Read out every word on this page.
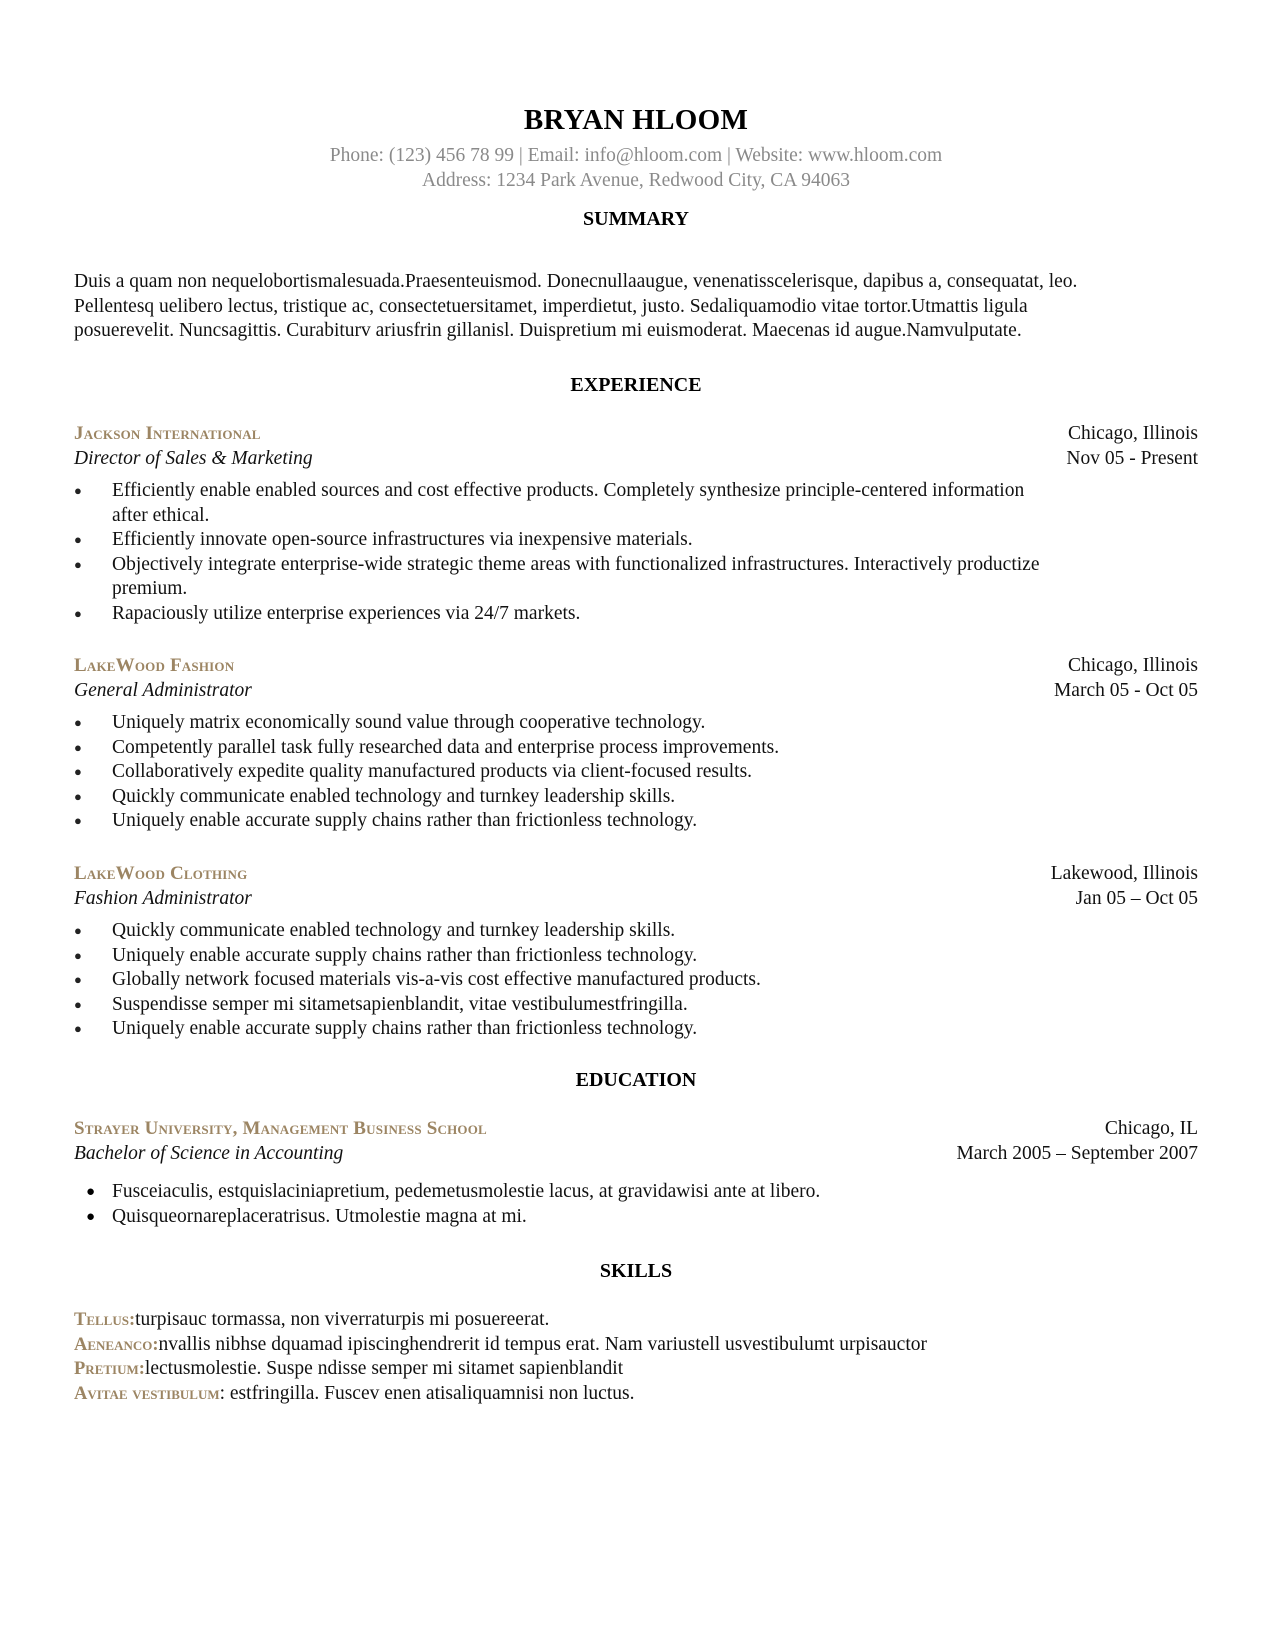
BRYAN HLOOM
Phone: (123) 456 78 99 | Email: info@hloom.com | Website: www.hloom.com
Address: 1234 Park Avenue, Redwood City, CA 94063
SUMMARY
Duis a quam non nequelobortismalesuada.Praesenteuismod. Donecnullaaugue, venenatisscelerisque, dapibus a, consequatat, leo.
Pellentesq uelibero lectus, tristique ac, consectetuersitamet, imperdietut, justo. Sedaliquamodio vitae tortor.Utmattis ligula
posuerevelit. Nuncsagittis. Curabiturv ariusfrin gillanisl. Duispretium mi euismoderat. Maecenas id augue.Namvulputate.
EXPERIENCE
Jackson International	Chicago, Illinois
Director of Sales & Marketing	Nov 05 - Present
● Efficiently enable enabled sources and cost effective products. Completely synthesize principle-centered information
after ethical.
● Efficiently innovate open-source infrastructures via inexpensive materials.
● Objectively integrate enterprise-wide strategic theme areas with functionalized infrastructures. Interactively productize
premium.
● Rapaciously utilize enterprise experiences via 24/7 markets.
LakeWood Fashion	Chicago, Illinois
General Administrator	March 05 - Oct 05
● Uniquely matrix economically sound value through cooperative technology.
● Competently parallel task fully researched data and enterprise process improvements.
● Collaboratively expedite quality manufactured products via client-focused results.
● Quickly communicate enabled technology and turnkey leadership skills.
● Uniquely enable accurate supply chains rather than frictionless technology.
LakeWood Clothing	Lakewood, Illinois
Fashion Administrator	Jan 05 – Oct 05
● Quickly communicate enabled technology and turnkey leadership skills.
● Uniquely enable accurate supply chains rather than frictionless technology.
● Globally network focused materials vis-a-vis cost effective manufactured products.
● Suspendisse semper mi sitametsapienblandit, vitae vestibulumestfringilla.
● Uniquely enable accurate supply chains rather than frictionless technology.
EDUCATION
Strayer University, Management Business School	Chicago, IL
Bachelor of Science in Accounting	March 2005 – September 2007
● Fusceiaculis, estquislaciniapretium, pedemetusmolestie lacus, at gravidawisi ante at libero.
● Quisqueornareplaceratrisus. Utmolestie magna at mi.
SKILLS
Tellus:turpisauc tormassa, non viverraturpis mi posuereerat.
Aeneanco:nvallis nibhse dquamad ipiscinghendrerit id tempus erat. Nam variustell usvestibulumt urpisauctor
Pretium:lectusmolestie. Suspe ndisse semper mi sitamet sapienblandit
Avitae vestibulum: estfringilla. Fuscev enen atisaliquamnisi non luctus.
